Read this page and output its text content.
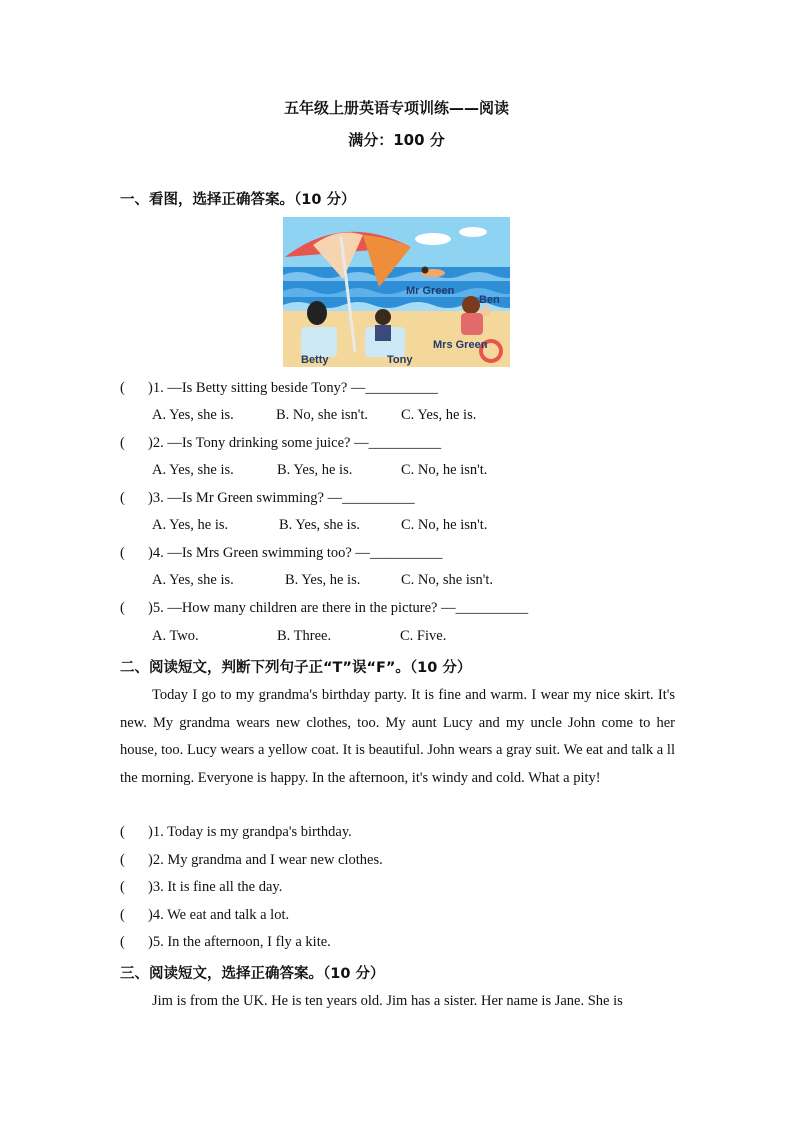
五年级上册英语专项训练——阅读
满分：100 分
一、看图，选择正确答案。（10 分）
Mr Green
Ben
Mrs Green
Betty	Tony
( )1. —Is Betty sitting beside Tony? —__________
A. Yes, she is.	B. No, she isn't. C. Yes, he is.
( )2. —Is Tony drinking some juice? —__________
A. Yes, she is.	B. Yes, he is.	C. No, he isn't.
( )3. —Is Mr Green swimming? —__________
A. Yes, he is.	B. Yes, she is.	C. No, he isn't.
( )4. —Is Mrs Green swimming too? —__________
A. Yes, she is.	B. Yes, he is.	C. No, she isn't.
( )5. —How many children are there in the picture? —__________
A. Two.	B. Three.	C. Five.
二、阅读短文，判断下列句子正“T”误“F”。（10 分）

Today I go to my grandma's birthday party. It is fine and warm. I wear my nice skirt. It's new. My grandma wears new clothes, too. My aunt Lucy and my uncle John come to her house, too. Lucy wears a yellow coat. It is beautiful. John wears a gray suit. We eat and talk a ll the morning. Everyone is happy. In the afternoon, it's windy and cold. What a pity!

( )1. Today is my grandpa's birthday.
( )2. My grandma and I wear new clothes.
( )3. It is fine all the day.
( )4. We eat and talk a lot.
( )5. In the afternoon, I fly a kite.
三、阅读短文，选择正确答案。（10 分）

Jim is from the UK. He is ten years old. Jim has a sister. Her name is Jane. She is
